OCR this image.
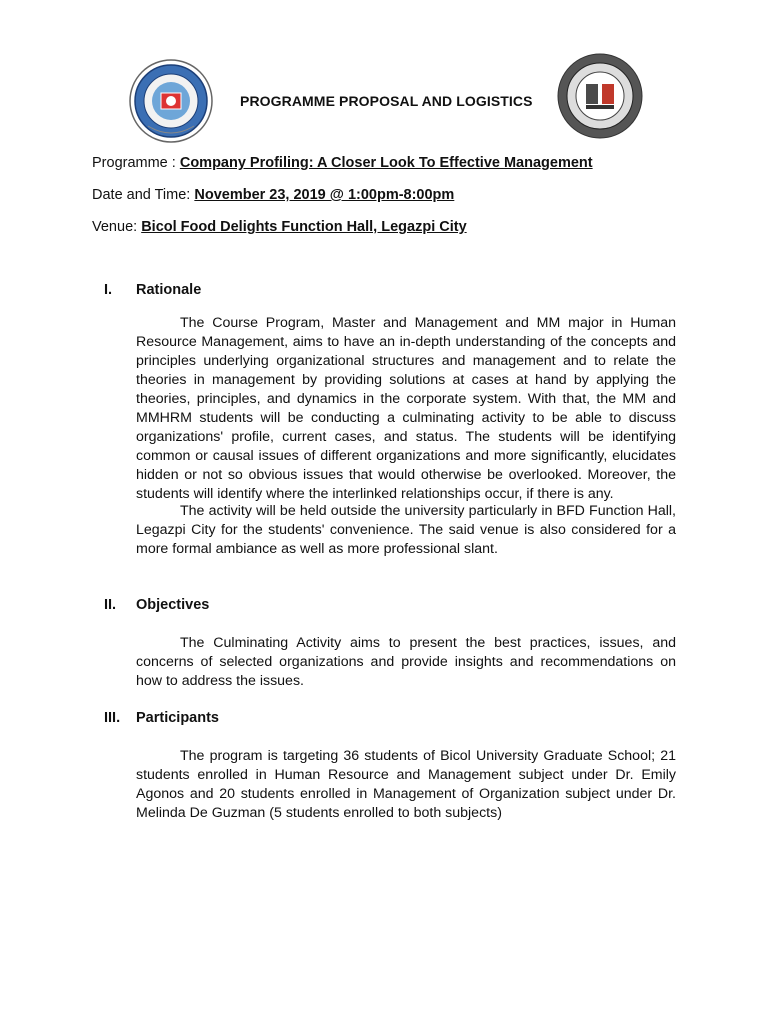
PROGRAMME PROPOSAL AND LOGISTICS
Programme : Company Profiling: A Closer Look To Effective Management
Date and Time: November 23, 2019 @ 1:00pm-8:00pm
Venue: Bicol Food Delights Function Hall, Legazpi City
I. Rationale

The Course Program, Master and Management and MM major in Human Resource Management, aims to have an in-depth understanding of the concepts and principles underlying organizational structures and management and to relate the theories in management by providing solutions at cases at hand by applying the theories, principles, and dynamics in the corporate system. With that, the MM and MMHRM students will be conducting a culminating activity to be able to discuss organizations' profile, current cases, and status. The students will be identifying common or causal issues of different organizations and more significantly, elucidates hidden or not so obvious issues that would otherwise be overlooked. Moreover, the students will identify where the interlinked relationships occur, if there is any.

The activity will be held outside the university particularly in BFD Function Hall, Legazpi City for the students' convenience. The said venue is also considered for a more formal ambiance as well as more professional slant.

II. Objectives

The Culminating Activity aims to present the best practices, issues, and concerns of selected organizations and provide insights and recommendations on how to address the issues.

III. Participants

The program is targeting 36 students of Bicol University Graduate School; 21 students enrolled in Human Resource and Management subject under Dr. Emily Agonos and 20 students enrolled in Management of Organization subject under Dr. Melinda De Guzman (5 students enrolled to both subjects)
